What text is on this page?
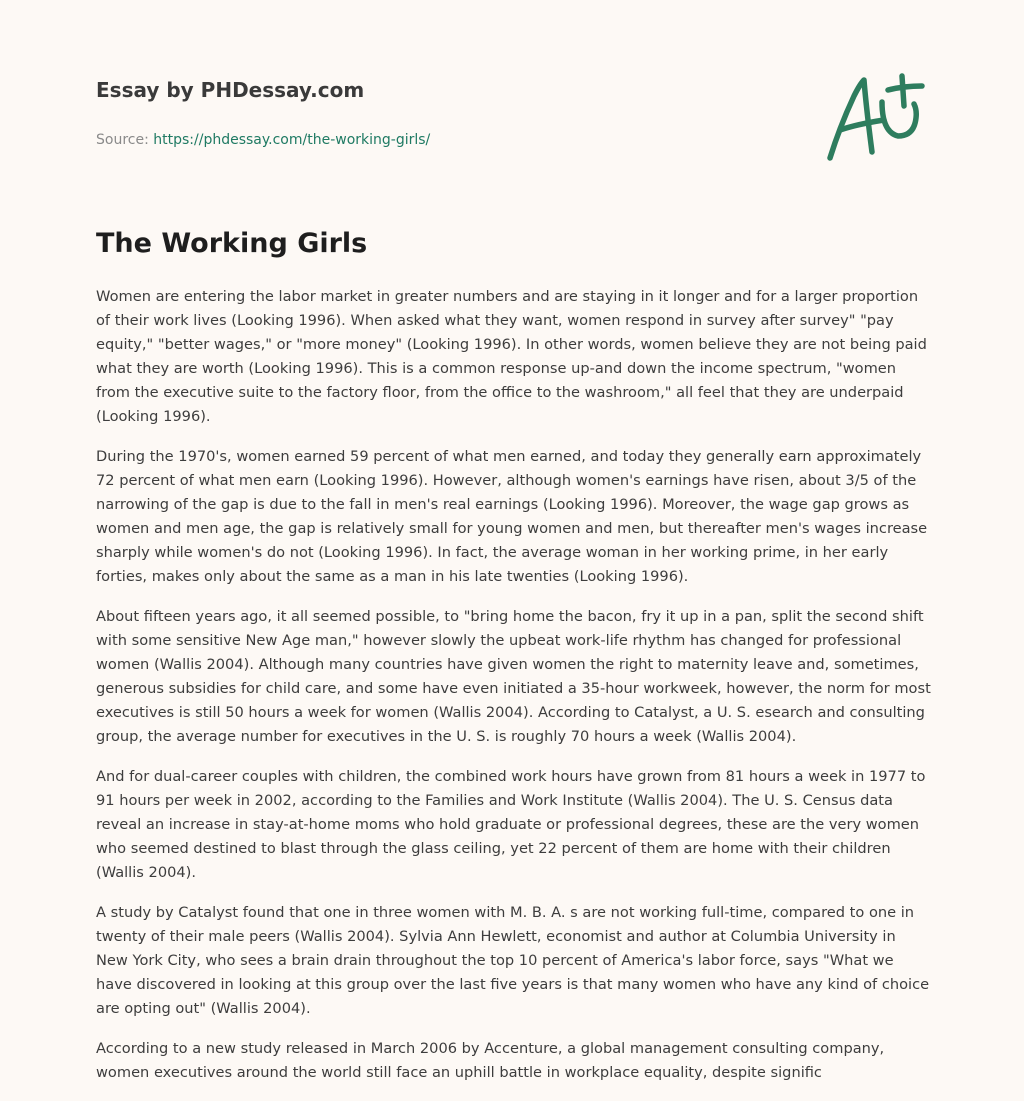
Essay by PHDessay.com
Source: https://phdessay.com/the-working-girls/
The Working Girls

Women are entering the labor market in greater numbers and are staying in it longer and for a larger proportion of their work lives (Looking 1996). When asked what they want, women respond in survey after survey" "pay equity," "better wages," or "more money" (Looking 1996). In other words, women believe they are not being paid what they are worth (Looking 1996). This is a common response up-and down the income spectrum, "women from the executive suite to the factory floor, from the office to the washroom," all feel that they are underpaid (Looking 1996).

During the 1970's, women earned 59 percent of what men earned, and today they generally earn approximately 72 percent of what men earn (Looking 1996). However, although women's earnings have risen, about 3/5 of the narrowing of the gap is due to the fall in men's real earnings (Looking 1996). Moreover, the wage gap grows as women and men age, the gap is relatively small for young women and men, but thereafter men's wages increase sharply while women's do not (Looking 1996). In fact, the average woman in her working prime, in her early forties, makes only about the same as a man in his late twenties (Looking 1996).

About fifteen years ago, it all seemed possible, to "bring home the bacon, fry it up in a pan, split the second shift with some sensitive New Age man," however slowly the upbeat work-life rhythm has changed for professional women (Wallis 2004). Although many countries have given women the right to maternity leave and, sometimes, generous subsidies for child care, and some have even initiated a 35-hour workweek, however, the norm for most executives is still 50 hours a week for women (Wallis 2004). According to Catalyst, a U. S. esearch and consulting group, the average number for executives in the U. S. is roughly 70 hours a week (Wallis 2004).

And for dual-career couples with children, the combined work hours have grown from 81 hours a week in 1977 to 91 hours per week in 2002, according to the Families and Work Institute (Wallis 2004). The U. S. Census data reveal an increase in stay-at-home moms who hold graduate or professional degrees, these are the very women who seemed destined to blast through the glass ceiling, yet 22 percent of them are home with their children (Wallis 2004).

A study by Catalyst found that one in three women with M. B. A. s are not working full-time, compared to one in twenty of their male peers (Wallis 2004). Sylvia Ann Hewlett, economist and author at Columbia University in New York City, who sees a brain drain throughout the top 10 percent of America's labor force, says "What we have discovered in looking at this group over the last five years is that many women who have any kind of choice are opting out" (Wallis 2004).

According to a new study released in March 2006 by Accenture, a global management consulting company, women executives around the world still face an uphill battle in workplace equality, despite signific
